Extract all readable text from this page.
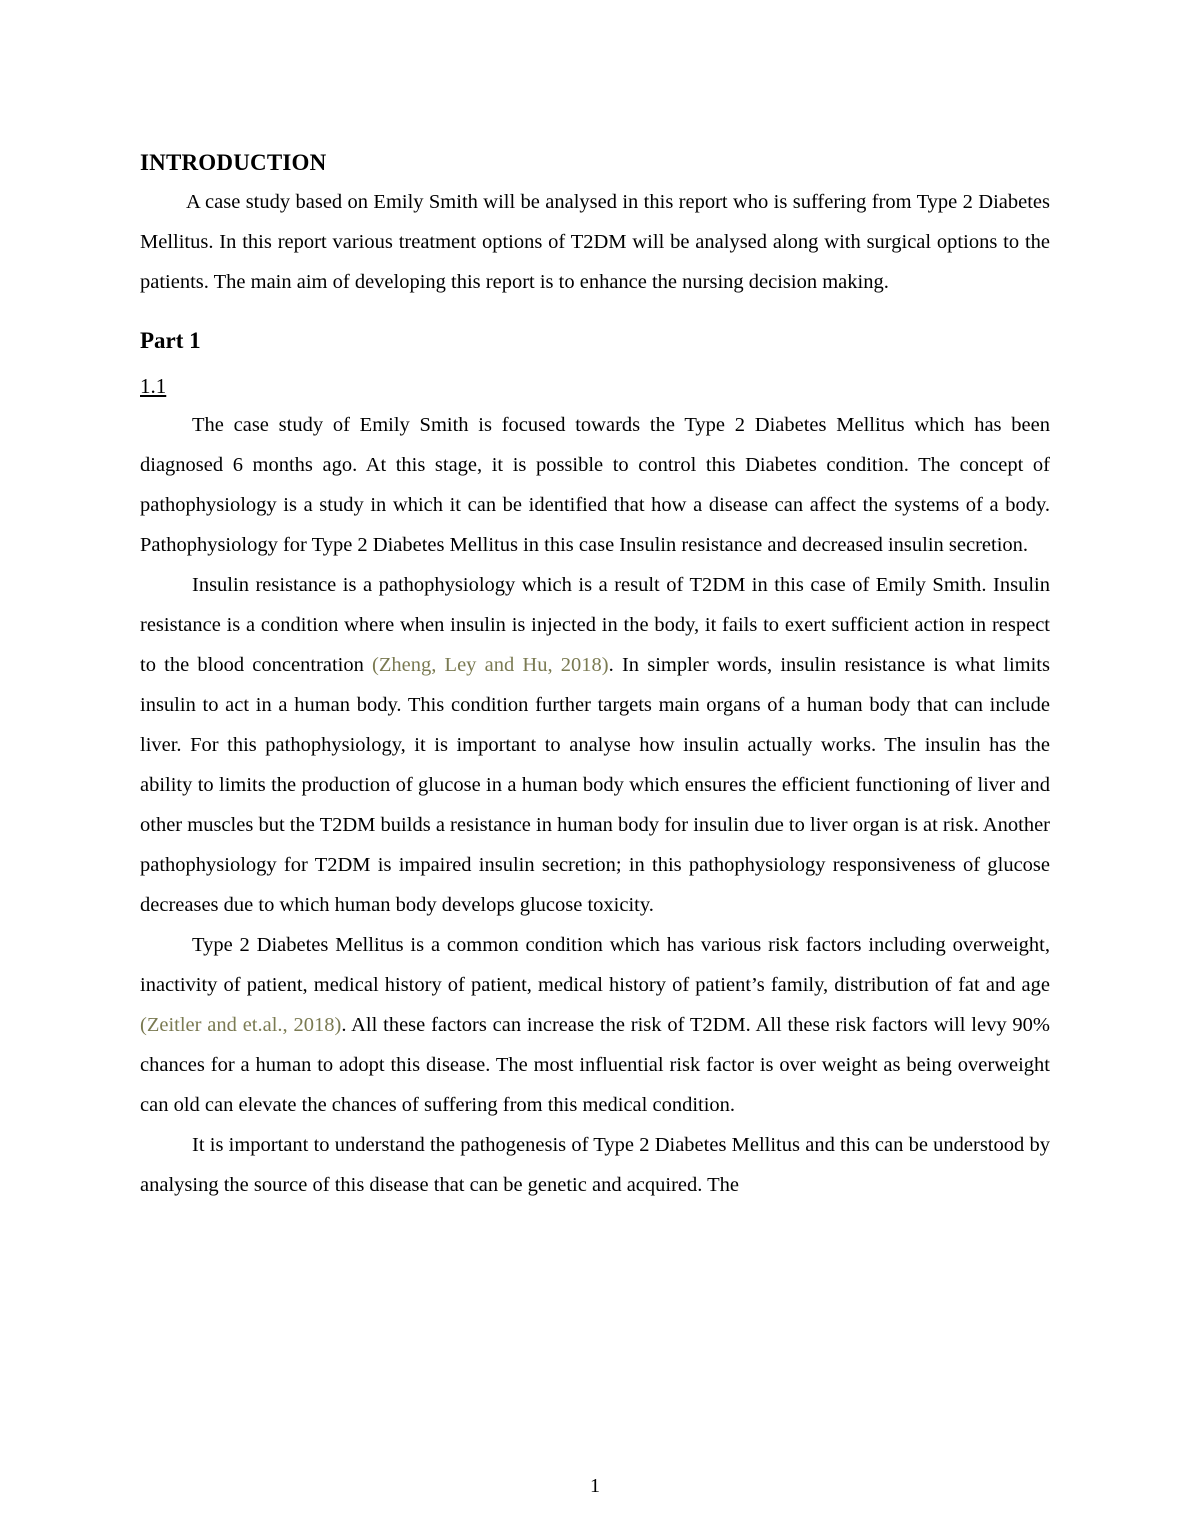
INTRODUCTION

A case study based on Emily Smith will be analysed in this report who is suffering from Type 2 Diabetes Mellitus. In this report various treatment options of T2DM will be analysed along with surgical options to the patients. The main aim of developing this report is to enhance the nursing decision making.

Part 1
1.1

The case study of Emily Smith is focused towards the Type 2 Diabetes Mellitus which has been diagnosed 6 months ago. At this stage, it is possible to control this Diabetes condition. The concept of pathophysiology is a study in which it can be identified that how a disease can affect the systems of a body. Pathophysiology for Type 2 Diabetes Mellitus in this case Insulin resistance and decreased insulin secretion.

Insulin resistance is a pathophysiology which is a result of T2DM in this case of Emily Smith. Insulin resistance is a condition where when insulin is injected in the body, it fails to exert sufficient action in respect to the blood concentration (Zheng, Ley and Hu, 2018). In simpler words, insulin resistance is what limits insulin to act in a human body. This condition further targets main organs of a human body that can include liver. For this pathophysiology, it is important to analyse how insulin actually works. The insulin has the ability to limits the production of glucose in a human body which ensures the efficient functioning of liver and other muscles but the T2DM builds a resistance in human body for insulin due to liver organ is at risk. Another pathophysiology for T2DM is impaired insulin secretion; in this pathophysiology responsiveness of glucose decreases due to which human body develops glucose toxicity.

Type 2 Diabetes Mellitus is a common condition which has various risk factors including overweight, inactivity of patient, medical history of patient, medical history of patient’s family, distribution of fat and age (Zeitler and et.al., 2018). All these factors can increase the risk of T2DM. All these risk factors will levy 90% chances for a human to adopt this disease. The most influential risk factor is over weight as being overweight can old can elevate the chances of suffering from this medical condition.

It is important to understand the pathogenesis of Type 2 Diabetes Mellitus and this can be understood by analysing the source of this disease that can be genetic and acquired. The

1
